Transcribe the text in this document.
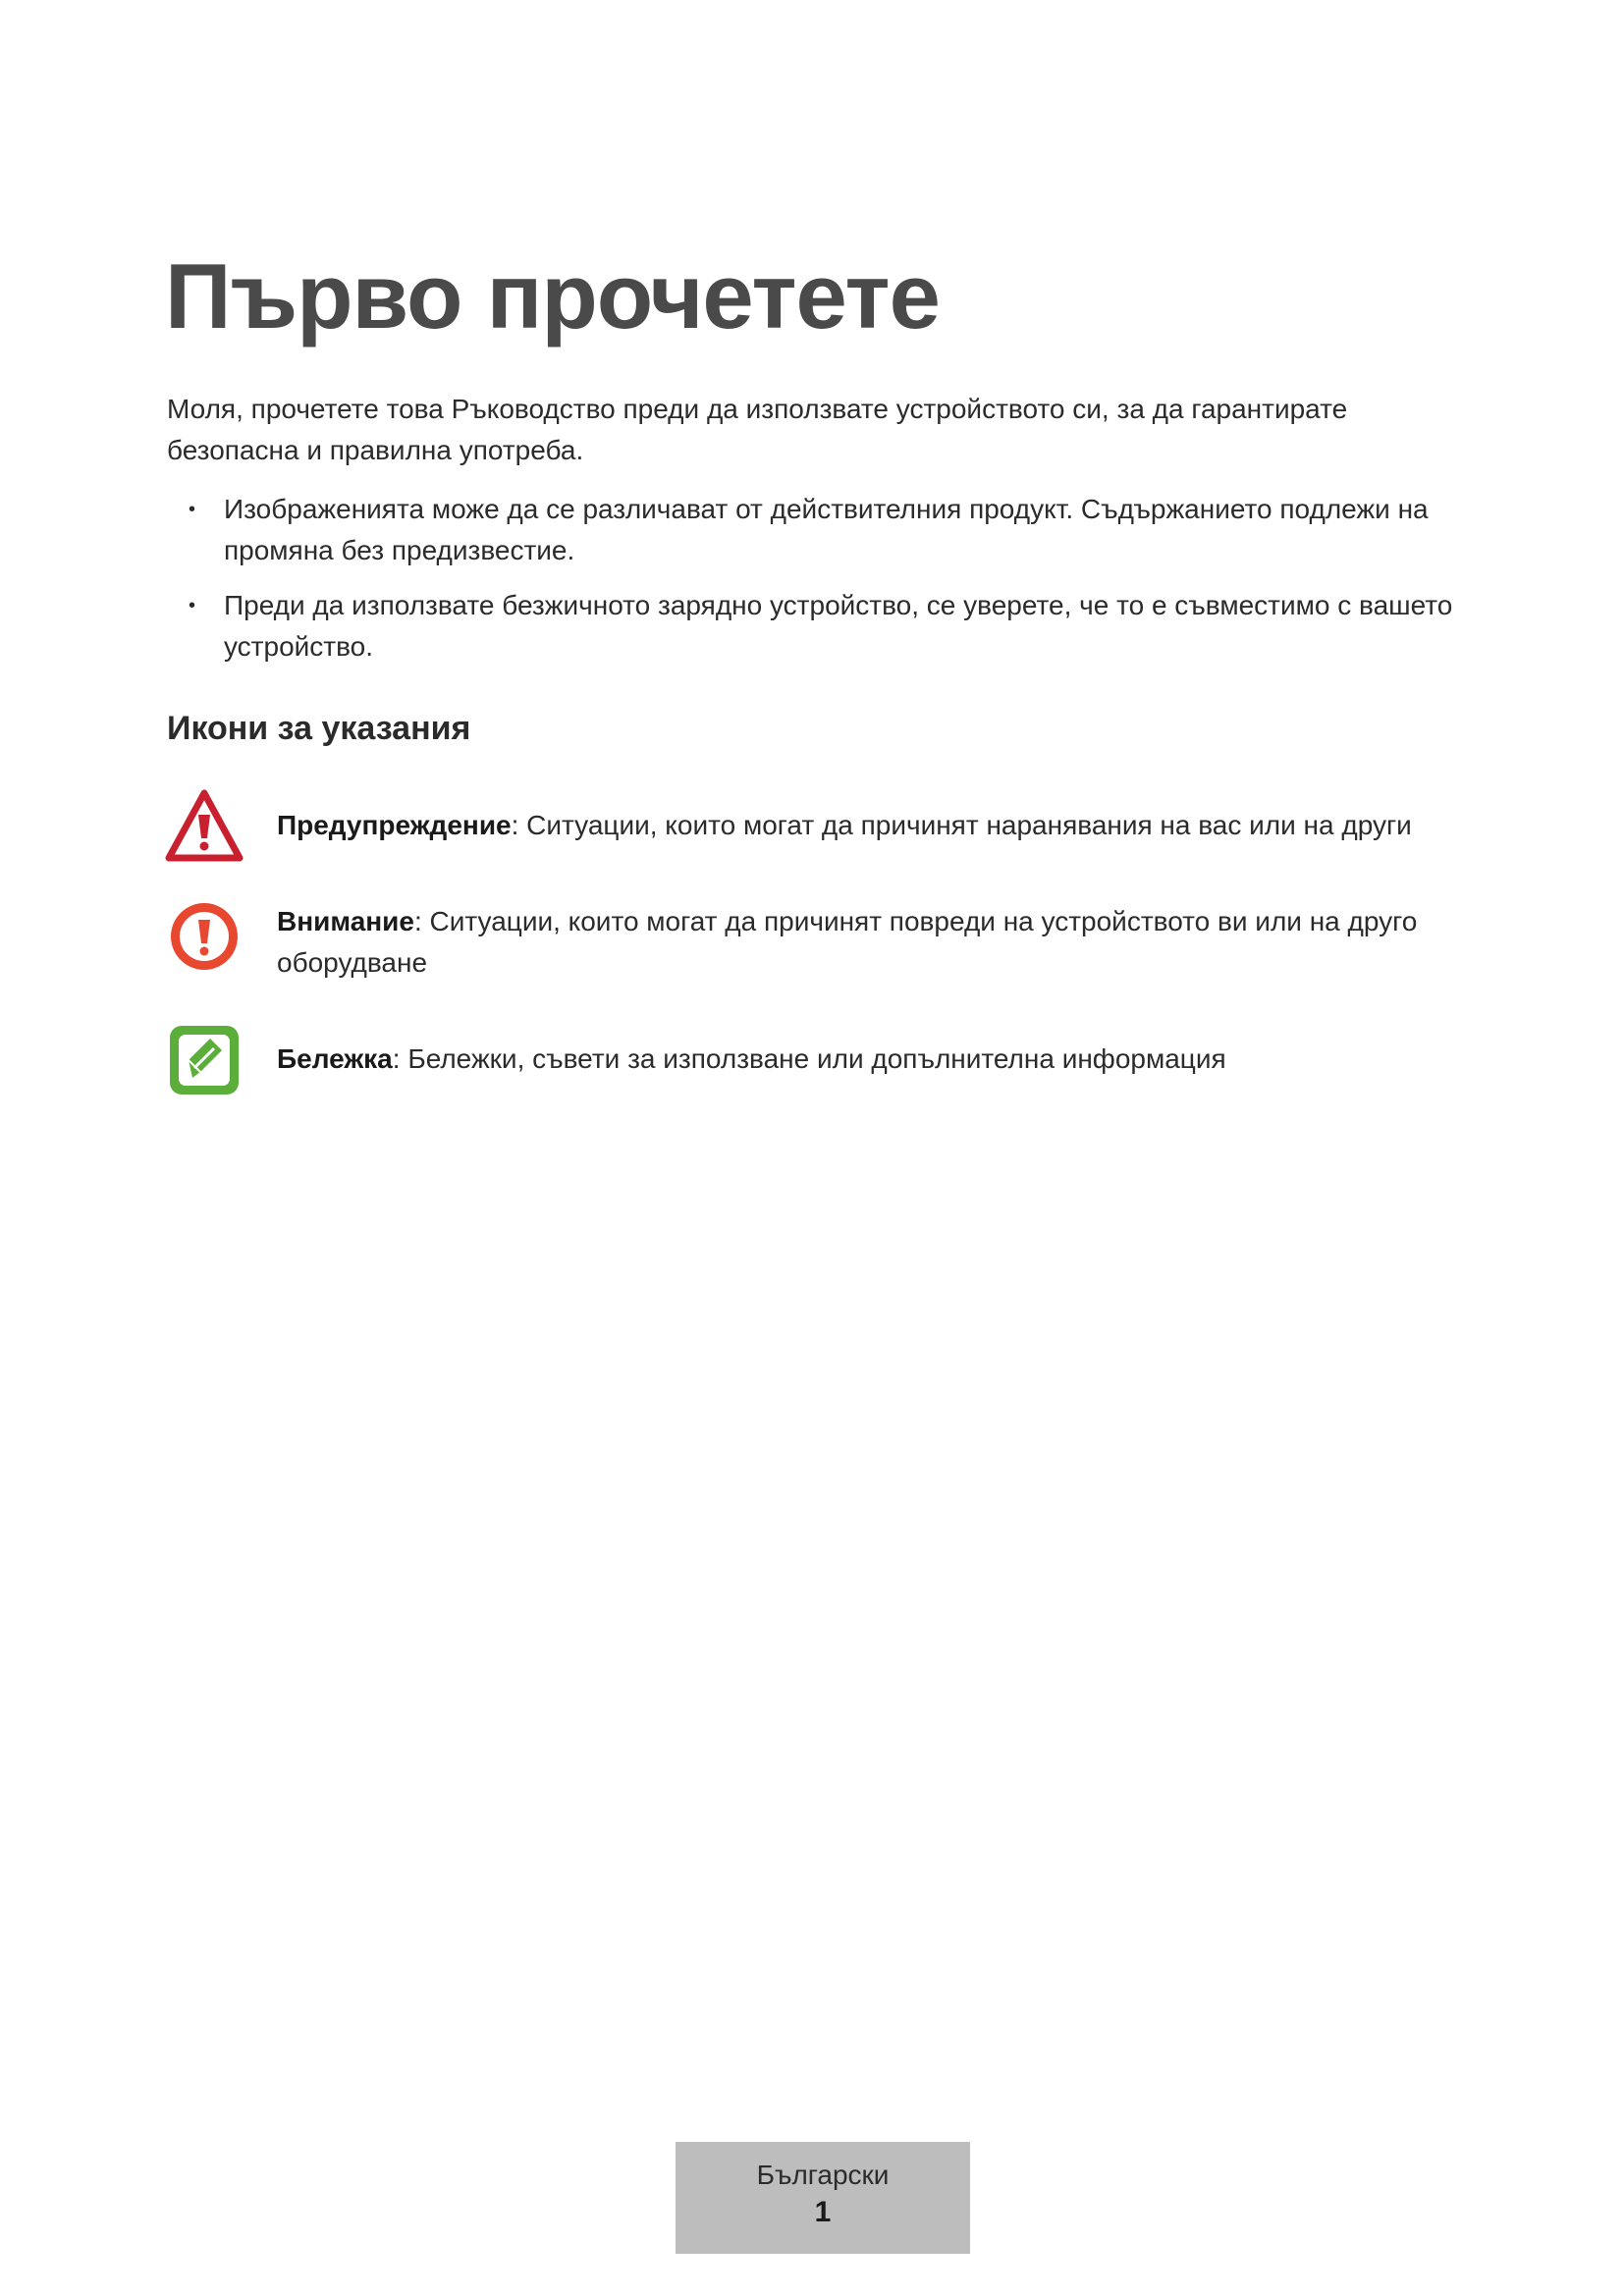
Първо прочетете

Моля, прочетете това Ръководство преди да използвате устройството си, за да гарантирате безопасна и правилна употреба.

• Изображенията може да се различават от действителния продукт. Съдържанието подлежи на промяна без предизвестие.
• Преди да използвате безжичното зарядно устройство, се уверете, че то е съвместимо с вашето устройство.
Икони за указания
Предупреждение: Ситуации, които могат да причинят наранявания на вас или на други
Внимание: Ситуации, които могат да причинят повреди на устройството ви или на друго оборудване
Бележка: Бележки, съвети за използване или допълнителна информация
Български
1
